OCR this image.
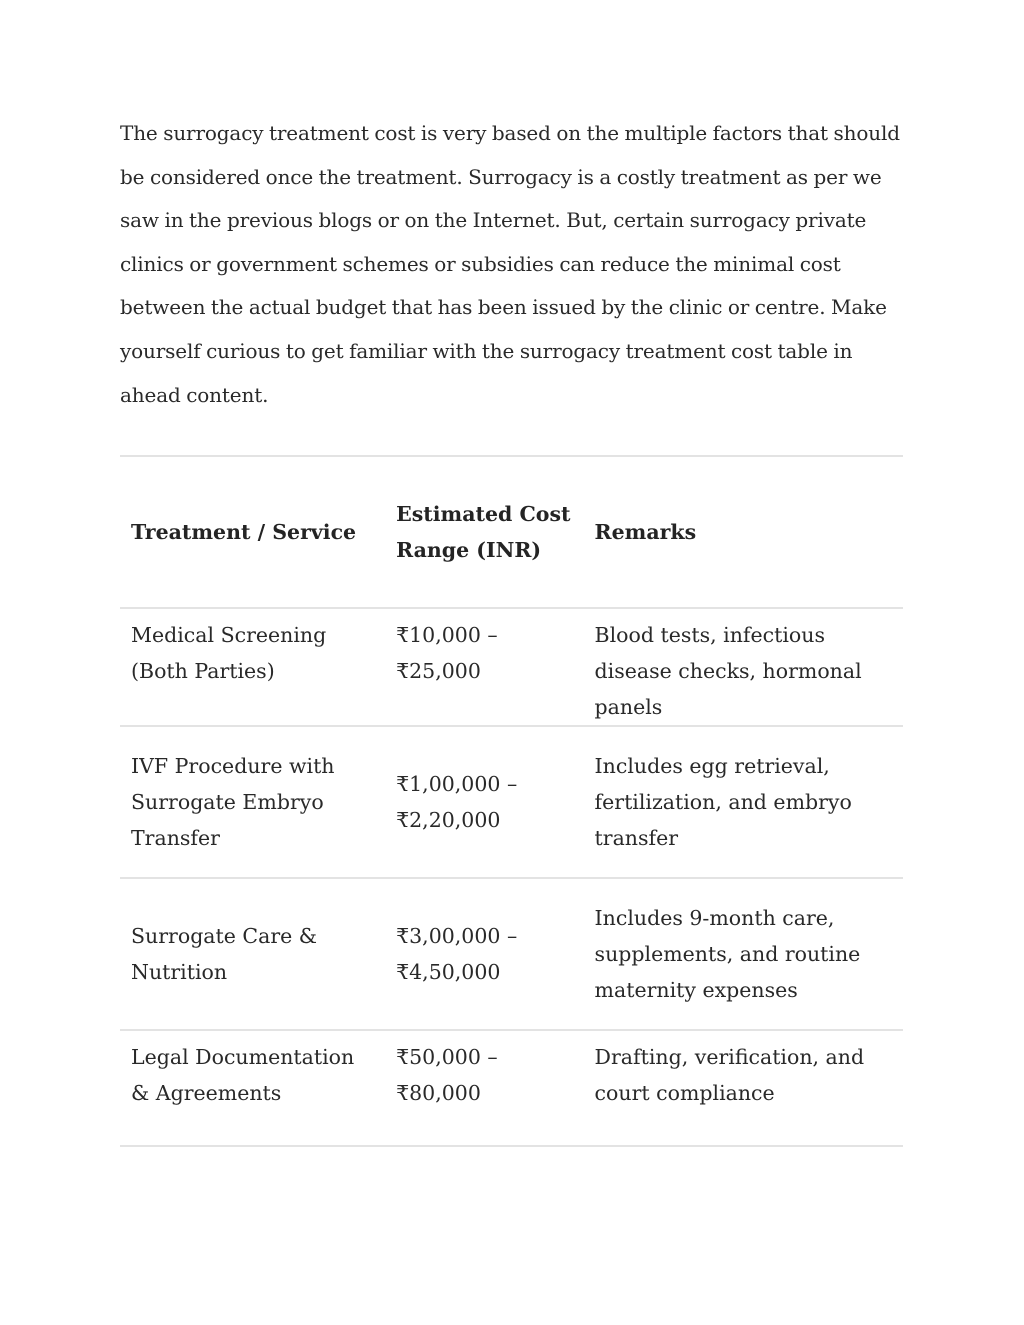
The surrogacy treatment cost is very based on the multiple factors that should be considered once the treatment. Surrogacy is a costly treatment as per we saw in the previous blogs or on the Internet. But, certain surrogacy private clinics or government schemes or subsidies can reduce the minimal cost between the actual budget that has been issued by the clinic or centre. Make yourself curious to get familiar with the surrogacy treatment cost table in ahead content.

Treatment / Service	Estimated Cost Range (INR)	Remarks

Medical Screening (Both Parties)	₹10,000 – ₹25,000	Blood tests, infectious disease checks, hormonal panels

IVF Procedure with Surrogate Embryo Transfer	₹1,00,000 – ₹2,20,000	Includes egg retrieval, fertilization, and embryo transfer

Surrogate Care & Nutrition	₹3,00,000 – ₹4,50,000	Includes 9-month care, supplements, and routine maternity expenses

Legal Documentation & Agreements	₹50,000 – ₹80,000	Drafting, verification, and court compliance
